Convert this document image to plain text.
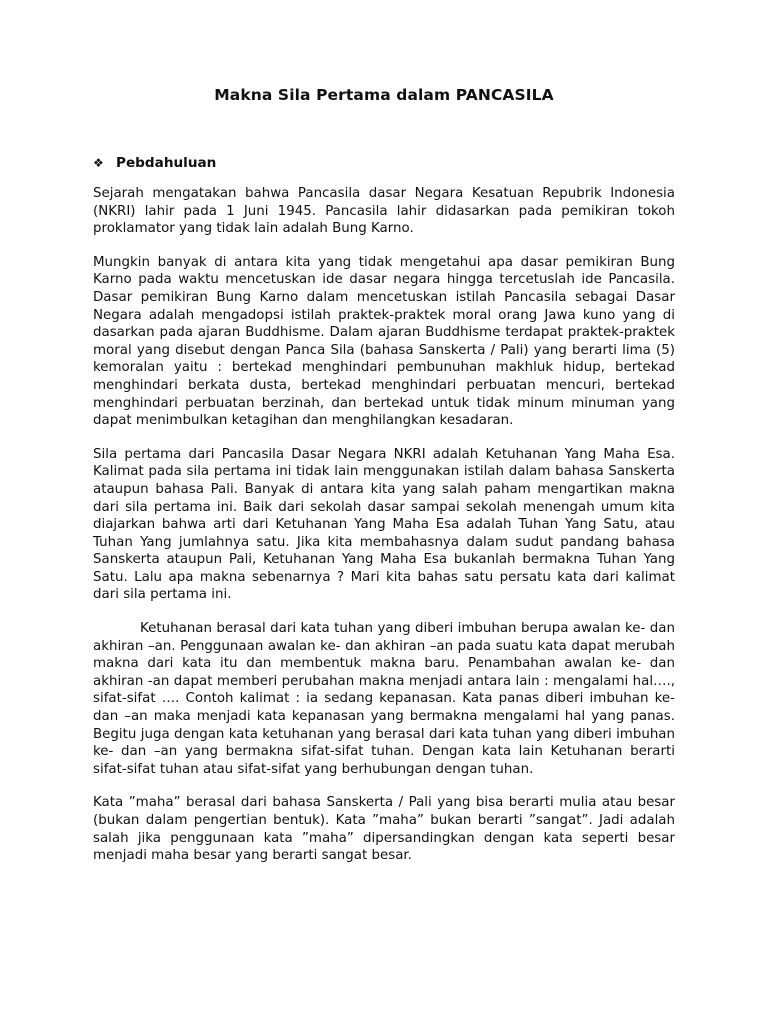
Makna Sila Pertama dalam PANCASILA
❖ Pebdahuluan

Sejarah mengatakan bahwa Pancasila dasar Negara Kesatuan Repubrik Indonesia (NKRI) lahir pada 1 Juni 1945. Pancasila lahir didasarkan pada pemikiran tokoh proklamator yang tidak lain adalah Bung Karno.

Mungkin banyak di antara kita yang tidak mengetahui apa dasar pemikiran Bung Karno pada waktu mencetuskan ide dasar negara hingga tercetuslah ide Pancasila. Dasar pemikiran Bung Karno dalam mencetuskan istilah Pancasila sebagai Dasar Negara adalah mengadopsi istilah praktek-praktek moral orang Jawa kuno yang di dasarkan pada ajaran Buddhisme. Dalam ajaran Buddhisme terdapat praktek-praktek moral yang disebut dengan Panca Sila (bahasa Sanskerta / Pali) yang berarti lima (5) kemoralan yaitu : bertekad menghindari pembunuhan makhluk hidup, bertekad menghindari berkata dusta, bertekad menghindari perbuatan mencuri, bertekad menghindari perbuatan berzinah, dan bertekad untuk tidak minum minuman yang dapat menimbulkan ketagihan dan menghilangkan kesadaran.

Sila pertama dari Pancasila Dasar Negara NKRI adalah Ketuhanan Yang Maha Esa. Kalimat pada sila pertama ini tidak lain menggunakan istilah dalam bahasa Sanskerta ataupun bahasa Pali. Banyak di antara kita yang salah paham mengartikan makna dari sila pertama ini. Baik dari sekolah dasar sampai sekolah menengah umum kita diajarkan bahwa arti dari Ketuhanan Yang Maha Esa adalah Tuhan Yang Satu, atau Tuhan Yang jumlahnya satu. Jika kita membahasnya dalam sudut pandang bahasa Sanskerta ataupun Pali, Ketuhanan Yang Maha Esa bukanlah bermakna Tuhan Yang Satu. Lalu apa makna sebenarnya ? Mari kita bahas satu persatu kata dari kalimat dari sila pertama ini.

Ketuhanan berasal dari kata tuhan yang diberi imbuhan berupa awalan ke- dan akhiran –an. Penggunaan awalan ke- dan akhiran –an pada suatu kata dapat merubah makna dari kata itu dan membentuk makna baru. Penambahan awalan ke- dan akhiran -an dapat memberi perubahan makna menjadi antara lain : mengalami hal…., sifat-sifat …. Contoh kalimat : ia sedang kepanasan. Kata panas diberi imbuhan ke- dan –an maka menjadi kata kepanasan yang bermakna mengalami hal yang panas. Begitu juga dengan kata ketuhanan yang berasal dari kata tuhan yang diberi imbuhan ke- dan –an yang bermakna sifat-sifat tuhan. Dengan kata lain Ketuhanan berarti sifat-sifat tuhan atau sifat-sifat yang berhubungan dengan tuhan.

Kata ”maha” berasal dari bahasa Sanskerta / Pali yang bisa berarti mulia atau besar (bukan dalam pengertian bentuk). Kata ”maha” bukan berarti ”sangat”. Jadi adalah salah jika penggunaan kata ”maha” dipersandingkan dengan kata seperti besar menjadi maha besar yang berarti sangat besar.
